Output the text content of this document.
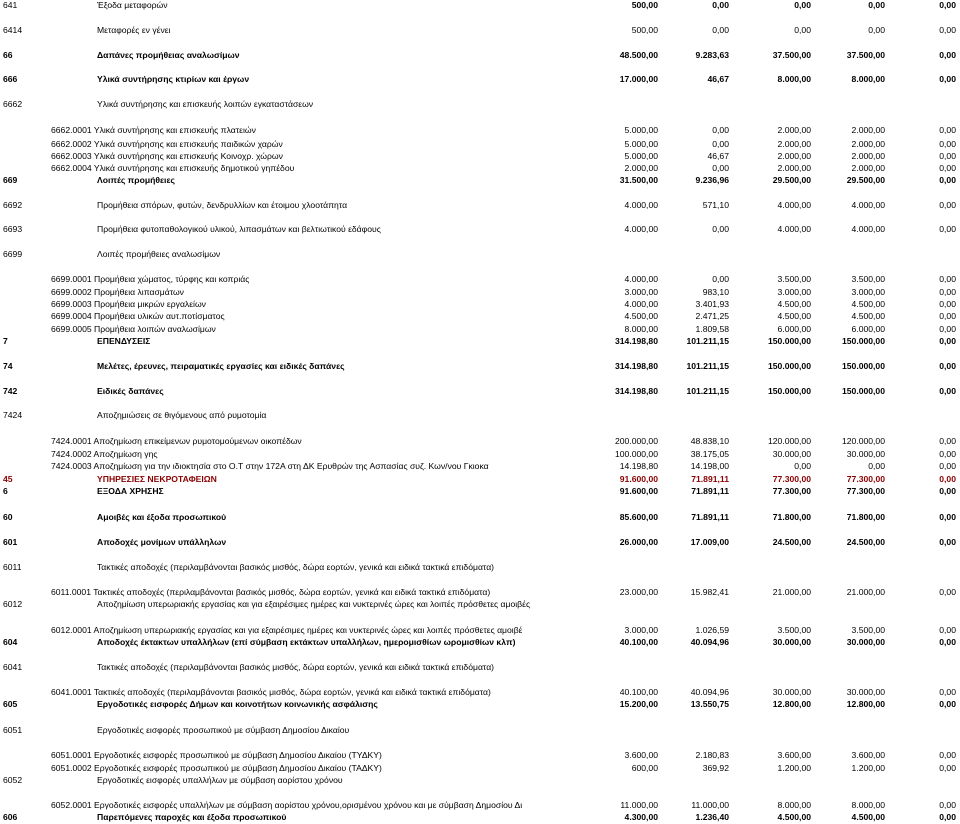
641	Έξοδα μεταφορών	500,00	0,00	0,00	0,00	0,00
6414	Μεταφορές εν γένει	500,00	0,00	0,00	0,00	0,00
66	Δαπάνες προμήθειας αναλωσίμων	48.500,00	9.283,63	37.500,00	37.500,00	0,00
666	Υλικά συντήρησης κτιρίων και έργων	17.000,00	46,67	8.000,00	8.000,00	0,00
6662	Υλικά συντήρησης και επισκευής λοιπών εγκαταστάσεων
6662.0001 Υλικά συντήρησης και επισκευής πλατειών	5.000,00	0,00	2.000,00	2.000,00	0,00
6662.0002 Υλικά συντήρησης και επισκευής παιδικών χαρών	5.000,00	0,00	2.000,00	2.000,00	0,00
6662.0003 Υλικά συντήρησης και επισκευής Κοινοχρ. χώρων	5.000,00	46,67	2.000,00	2.000,00	0,00
6662.0004 Υλικά συντήρησης και επισκευής δημοτικού γηπέδου	2.000,00	0,00	2.000,00	2.000,00	0,00
669	Λοιπές προμήθειες	31.500,00	9.236,96	29.500,00	29.500,00	0,00
6692	Προμήθεια σπόρων, φυτών, δενδρυλλίων και έτοιμου χλοοτάπητα	4.000,00	571,10	4.000,00	4.000,00	0,00
6693	Προμήθεια φυτοπαθολογικού υλικού, λιπασμάτων και βελτιωτικού εδάφους	4.000,00	0,00	4.000,00	4.000,00	0,00
6699	Λοιπές προμήθειες αναλωσίμων
6699.0001 Προμήθεια χώματος, τύρφης και κοπριάς	4.000,00	0,00	3.500,00	3.500,00	0,00
6699.0002 Προμήθεια λιπασμάτων	3.000,00	983,10	3.000,00	3.000,00	0,00
6699.0003 Προμήθεια μικρών εργαλείων	4.000,00	3.401,93	4.500,00	4.500,00	0,00
6699.0004 Προμήθεια υλικών αυτ.ποτίσματος	4.500,00	2.471,25	4.500,00	4.500,00	0,00
6699.0005 Προμήθεια λοιπών αναλωσίμων	8.000,00	1.809,58	6.000,00	6.000,00	0,00
7	ΕΠΕΝΔΥΣΕΙΣ	314.198,80	101.211,15	150.000,00	150.000,00	0,00
74	Μελέτες, έρευνες, πειραματικές εργασίες και ειδικές δαπάνες	314.198,80	101.211,15	150.000,00	150.000,00	0,00
742	Ειδικές δαπάνες	314.198,80	101.211,15	150.000,00	150.000,00	0,00
7424	Αποζημιώσεις σε θιγόμενους από ρυμοτομία
7424.0001 Αποζημίωση επικείμενων ρυμοτομούμενων οικοπέδων	200.000,00	48.838,10	120.000,00	120.000,00	0,00
7424.0002 Αποζημίωση γης	100.000,00	38.175,05	30.000,00	30.000,00	0,00
7424.0003 Αποζημίωση για την ιδιοκτησία στο Ο.Τ στην 172Α στη ΔΚ Ερυθρών της Ασπασίας συζ. Κων/νου Γκιοκα	14.198,80	14.198,00	0,00	0,00	0,00
45	ΥΠΗΡΕΣΙΕΣ ΝΕΚΡΟΤΑΦΕΙΩΝ	91.600,00	71.891,11	77.300,00	77.300,00	0,00
6	ΕΞΟΔΑ ΧΡΗΣΗΣ	91.600,00	71.891,11	77.300,00	77.300,00	0,00
60	Αμοιβές και έξοδα προσωπικού	85.600,00	71.891,11	71.800,00	71.800,00	0,00
601	Αποδοχές μονίμων υπάλληλων	26.000,00	17.009,00	24.500,00	24.500,00	0,00
6011	Τακτικές αποδοχές (περιλαμβάνονται βασικός μισθός, δώρα εορτών, γενικά και ειδικά τακτικά επιδόματα)
6011.0001 Τακτικές αποδοχές (περιλαμβάνονται βασικός μισθός, δώρα εορτών, γενικά και ειδικά τακτικά επιδόματα)	23.000,00	15.982,41	21.000,00	21.000,00	0,00
6012	Αποζημίωση υπερωριακής εργασίας και για εξαιρέσιμες ημέρες και νυκτερινές ώρες και λοιπές πρόσθετες αμοιβές
6012.0001 Αποζημίωση υπερωριακής εργασίας και για εξαιρέσιμες ημέρες και νυκτερινές ώρες και λοιπές πρόσθετες αμοιβέ	3.000,00	1.026,59	3.500,00	3.500,00	0,00
604	Αποδοχές έκτακτων υπαλλήλων (επί σύμβαση εκτάκτων υπαλλήλων, ημερομισθίων ωρομισθίων κλπ)	40.100,00	40.094,96	30.000,00	30.000,00	0,00
6041	Τακτικές αποδοχές (περιλαμβάνονται βασικός μισθός, δώρα εορτών, γενικά και ειδικά τακτικά επιδόματα)
6041.0001 Τακτικές αποδοχές (περιλαμβάνονται βασικός μισθός, δώρα εορτών, γενικά και ειδικά τακτικά επιδόματα)	40.100,00	40.094,96	30.000,00	30.000,00	0,00
605	Εργοδοτικές εισφορές Δήμων και κοινοτήτων κοινωνικής ασφάλισης	15.200,00	13.550,75	12.800,00	12.800,00	0,00
6051	Εργοδοτικές εισφορές προσωπικού με σύμβαση Δημοσίου Δικαίου
6051.0001 Εργοδοτικές εισφορές προσωπικού με σύμβαση Δημοσίου Δικαίου (ΤΥΔΚΥ)	3.600,00	2.180,83	3.600,00	3.600,00	0,00
6051.0002 Εργοδοτικές εισφορές προσωπικού με σύμβαση Δημοσίου Δικαίου (ΤΑΔΚΥ)	600,00	369,92	1.200,00	1.200,00	0,00
6052	Εργοδοτικές εισφορές υπαλλήλων με σύμβαση αορίστου χρόνου
6052.0001 Εργοδοτικές εισφορές υπαλλήλων με σύμβαση αορίστου χρόνου,ορισμένου χρόνου και με σύμβαση Δημοσίου Δι	11.000,00	11.000,00	8.000,00	8.000,00	0,00
606	Παρεπόμενες παροχές και έξοδα προσωπικού	4.300,00	1.236,40	4.500,00	4.500,00	0,00
